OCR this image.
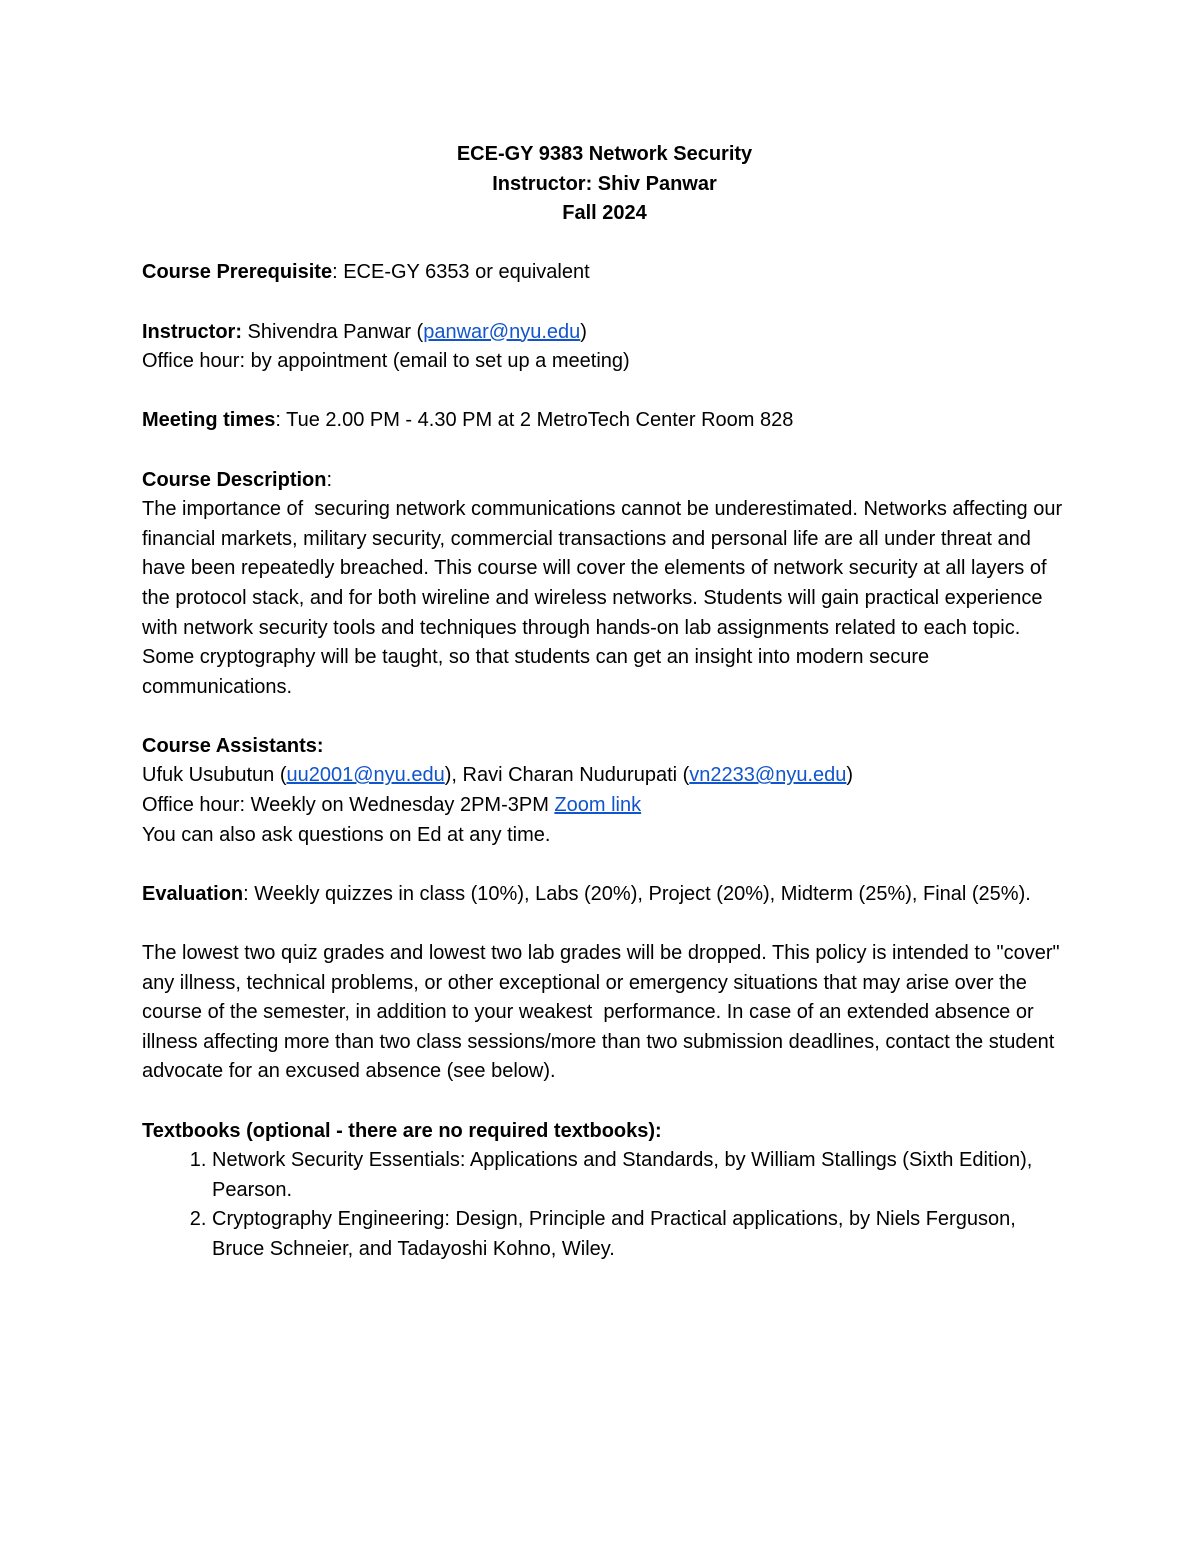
ECE-GY 9383 Network Security

Instructor: Shiv Panwar

Fall 2024

Course Prerequisite: ECE-GY 6353 or equivalent

Instructor: Shivendra Panwar (panwar@nyu.edu)

Office hour: by appointment (email to set up a meeting)

Meeting times: Tue 2.00 PM - 4.30 PM at 2 MetroTech Center Room 828

Course Description:

The importance of  securing network communications cannot be underestimated. Networks affecting our financial markets, military security, commercial transactions and personal life are all under threat and have been repeatedly breached. This course will cover the elements of network security at all layers of the protocol stack, and for both wireline and wireless networks. Students will gain practical experience with network security tools and techniques through hands-on lab assignments related to each topic.  Some cryptography will be taught, so that students can get an insight into modern secure communications.

Course Assistants:

Ufuk Usubutun (uu2001@nyu.edu), Ravi Charan Nudurupati (vn2233@nyu.edu)

Office hour: Weekly on Wednesday 2PM-3PM Zoom link

You can also ask questions on Ed at any time.

Evaluation: Weekly quizzes in class (10%), Labs (20%), Project (20%), Midterm (25%), Final (25%).

The lowest two quiz grades and lowest two lab grades will be dropped. This policy is intended to "cover" any illness, technical problems, or other exceptional or emergency situations that may arise over the course of the semester, in addition to your weakest  performance. In case of an extended absence or illness affecting more than two class sessions/more than two submission deadlines, contact the student advocate for an excused absence (see below).

Textbooks (optional - there are no required textbooks):

1. Network Security Essentials: Applications and Standards, by William Stallings (Sixth Edition), Pearson.
2. Cryptography Engineering: Design, Principle and Practical applications, by Niels Ferguson, Bruce Schneier, and Tadayoshi Kohno, Wiley.
